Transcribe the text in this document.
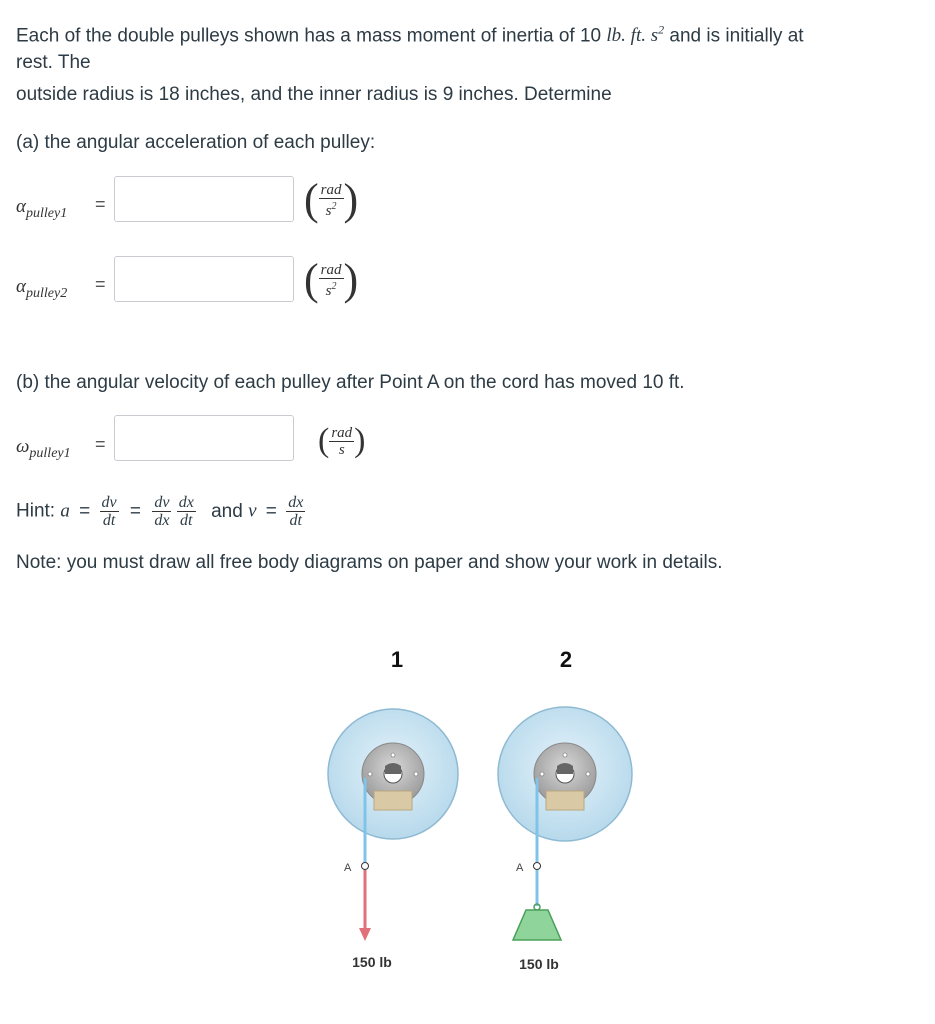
Each of the double pulleys shown has a mass moment of inertia of 10 lb. ft. $s^2$ and is initially at

rest. The

outside radius is 18 inches, and the inner radius is 9 inches. Determine

(a) the angular acceleration of each pulley:

$\alpha_{pulley1}$ =	( $\frac{\text{rad}}{s^2}$ )
$\alpha_{pulley2}$ =	( $\frac{\text{rad}}{s^2}$ )

(b) the angular velocity of each pulley after Point A on the cord has moved 10 ft.

$\omega_{pulley1}$ =	( $\frac{\text{rad}}{s}$ )
Hint: $a = \frac{dv}{dt} = \frac{dv}{dx} \frac{dx}{dt}$ and $v = \frac{dx}{dt}$

Note: you must draw all free body diagrams on paper and show your work in details.

1	2
A
150 lb
A
150 lb
